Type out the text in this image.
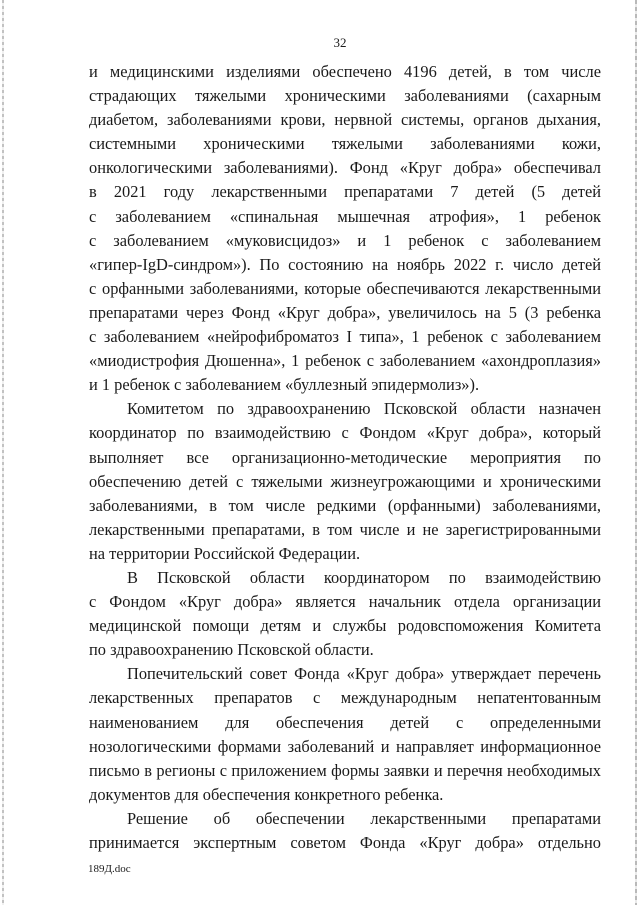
32
и медицинскими изделиями обеспечено 4196 детей, в том числе
страдающих тяжелыми хроническими заболеваниями (сахарным
диабетом, заболеваниями крови, нервной системы, органов дыхания,
системными хроническими тяжелыми заболеваниями кожи,
онкологическими заболеваниями). Фонд «Круг добра» обеспечивал
в 2021 году лекарственными препаратами 7 детей (5 детей
с заболеванием «спинальная мышечная атрофия», 1 ребенок
с заболеванием «муковисцидоз» и 1 ребенок с заболеванием
«гипер-IgD-синдром»). По состоянию на ноябрь 2022 г. число детей
с орфанными заболеваниями, которые обеспечиваются лекарственными
препаратами через Фонд «Круг добра», увеличилось на 5 (3 ребенка
с заболеванием «нейрофиброматоз I типа», 1 ребенок с заболеванием
«миодистрофия Дюшенна», 1 ребенок с заболеванием «ахондроплазия»
и 1 ребенок с заболеванием «буллезный эпидермолиз»).
Комитетом по здравоохранению Псковской области назначен
координатор по взаимодействию с Фондом «Круг добра», который
выполняет все организационно-методические мероприятия по
обеспечению детей с тяжелыми жизнеугрожающими и хроническими
заболеваниями, в том числе редкими (орфанными) заболеваниями,
лекарственными препаратами, в том числе и не зарегистрированными
на территории Российской Федерации.
В Псковской области координатором по взаимодействию
с Фондом «Круг добра» является начальник отдела организации
медицинской помощи детям и службы родовспоможения Комитета
по здравоохранению Псковской области.
Попечительский совет Фонда «Круг добра» утверждает перечень
лекарственных препаратов с международным непатентованным
наименованием для обеспечения детей с определенными
нозологическими формами заболеваний и направляет информационное
письмо в регионы с приложением формы заявки и перечня необходимых
документов для обеспечения конкретного ребенка.
Решение об обеспечении лекарственными препаратами
принимается экспертным советом Фонда «Круг добра» отдельно
189Д.doc
